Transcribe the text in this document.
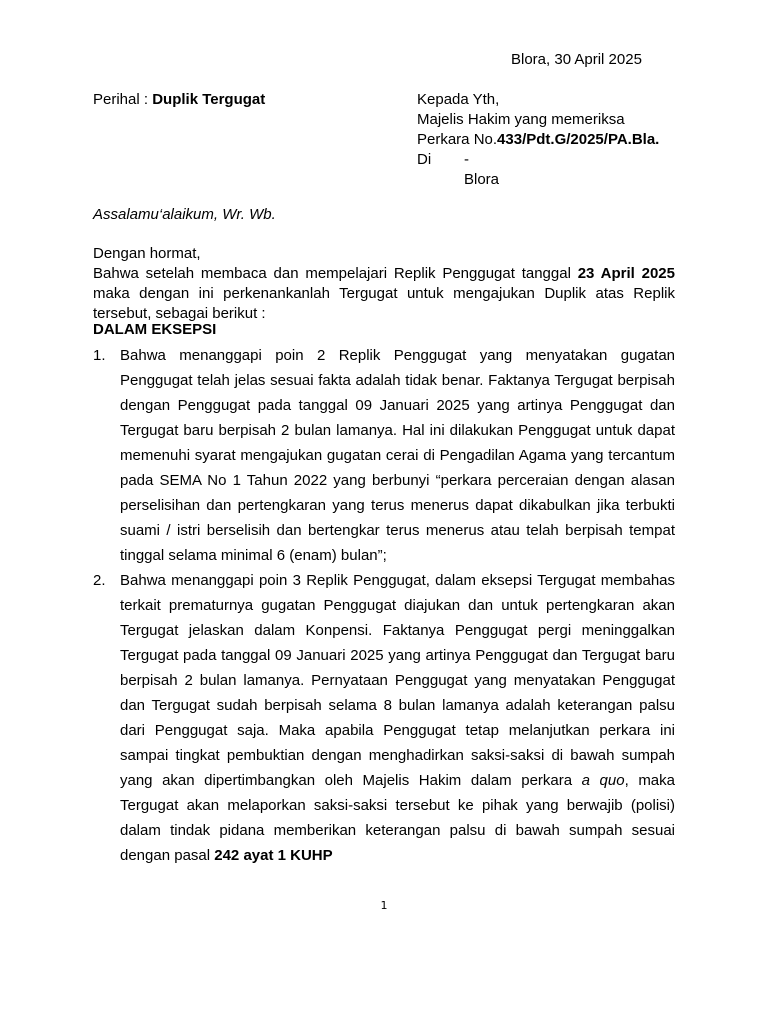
Blora, 30 April 2025
Perihal : Duplik Tergugat	Kepada Yth,
Majelis Hakim yang memeriksa
Perkara No.433/Pdt.G/2025/PA.Bla.
Di -
Blora
Assalamu‘alaikum, Wr. Wb.

Dengan hormat,

Bahwa setelah membaca dan mempelajari Replik Penggugat tanggal 23 April 2025 maka dengan ini perkenankanlah Tergugat untuk mengajukan Duplik atas Replik tersebut, sebagai berikut :

DALAM EKSEPSI
1. Bahwa menanggapi poin 2 Replik Penggugat yang menyatakan gugatan Penggugat telah jelas sesuai fakta adalah tidak benar. Faktanya Tergugat berpisah dengan Penggugat pada tanggal 09 Januari 2025 yang artinya Penggugat dan Tergugat baru berpisah 2 bulan lamanya. Hal ini dilakukan Penggugat untuk dapat memenuhi syarat mengajukan gugatan cerai di Pengadilan Agama yang tercantum pada SEMA No 1 Tahun 2022 yang berbunyi “perkara perceraian dengan alasan perselisihan dan pertengkaran yang terus menerus dapat dikabulkan jika terbukti suami / istri berselisih dan bertengkar terus menerus atau telah berpisah tempat tinggal selama minimal 6 (enam) bulan”;
2. Bahwa menanggapi poin 3 Replik Penggugat, dalam eksepsi Tergugat membahas terkait prematurnya gugatan Penggugat diajukan dan untuk pertengkaran akan Tergugat jelaskan dalam Konpensi. Faktanya Penggugat pergi meninggalkan Tergugat pada tanggal 09 Januari 2025 yang artinya Penggugat dan Tergugat baru berpisah 2 bulan lamanya. Pernyataan Penggugat yang menyatakan Penggugat dan Tergugat sudah berpisah selama 8 bulan lamanya adalah keterangan palsu dari Penggugat saja. Maka apabila Penggugat tetap melanjutkan perkara ini sampai tingkat pembuktian dengan menghadirkan saksi-saksi di bawah sumpah yang akan dipertimbangkan oleh Majelis Hakim dalam perkara a quo, maka Tergugat akan melaporkan saksi-saksi tersebut ke pihak yang berwajib (polisi) dalam tindak pidana memberikan keterangan palsu di bawah sumpah sesuai dengan pasal 242 ayat 1 KUHP
1
